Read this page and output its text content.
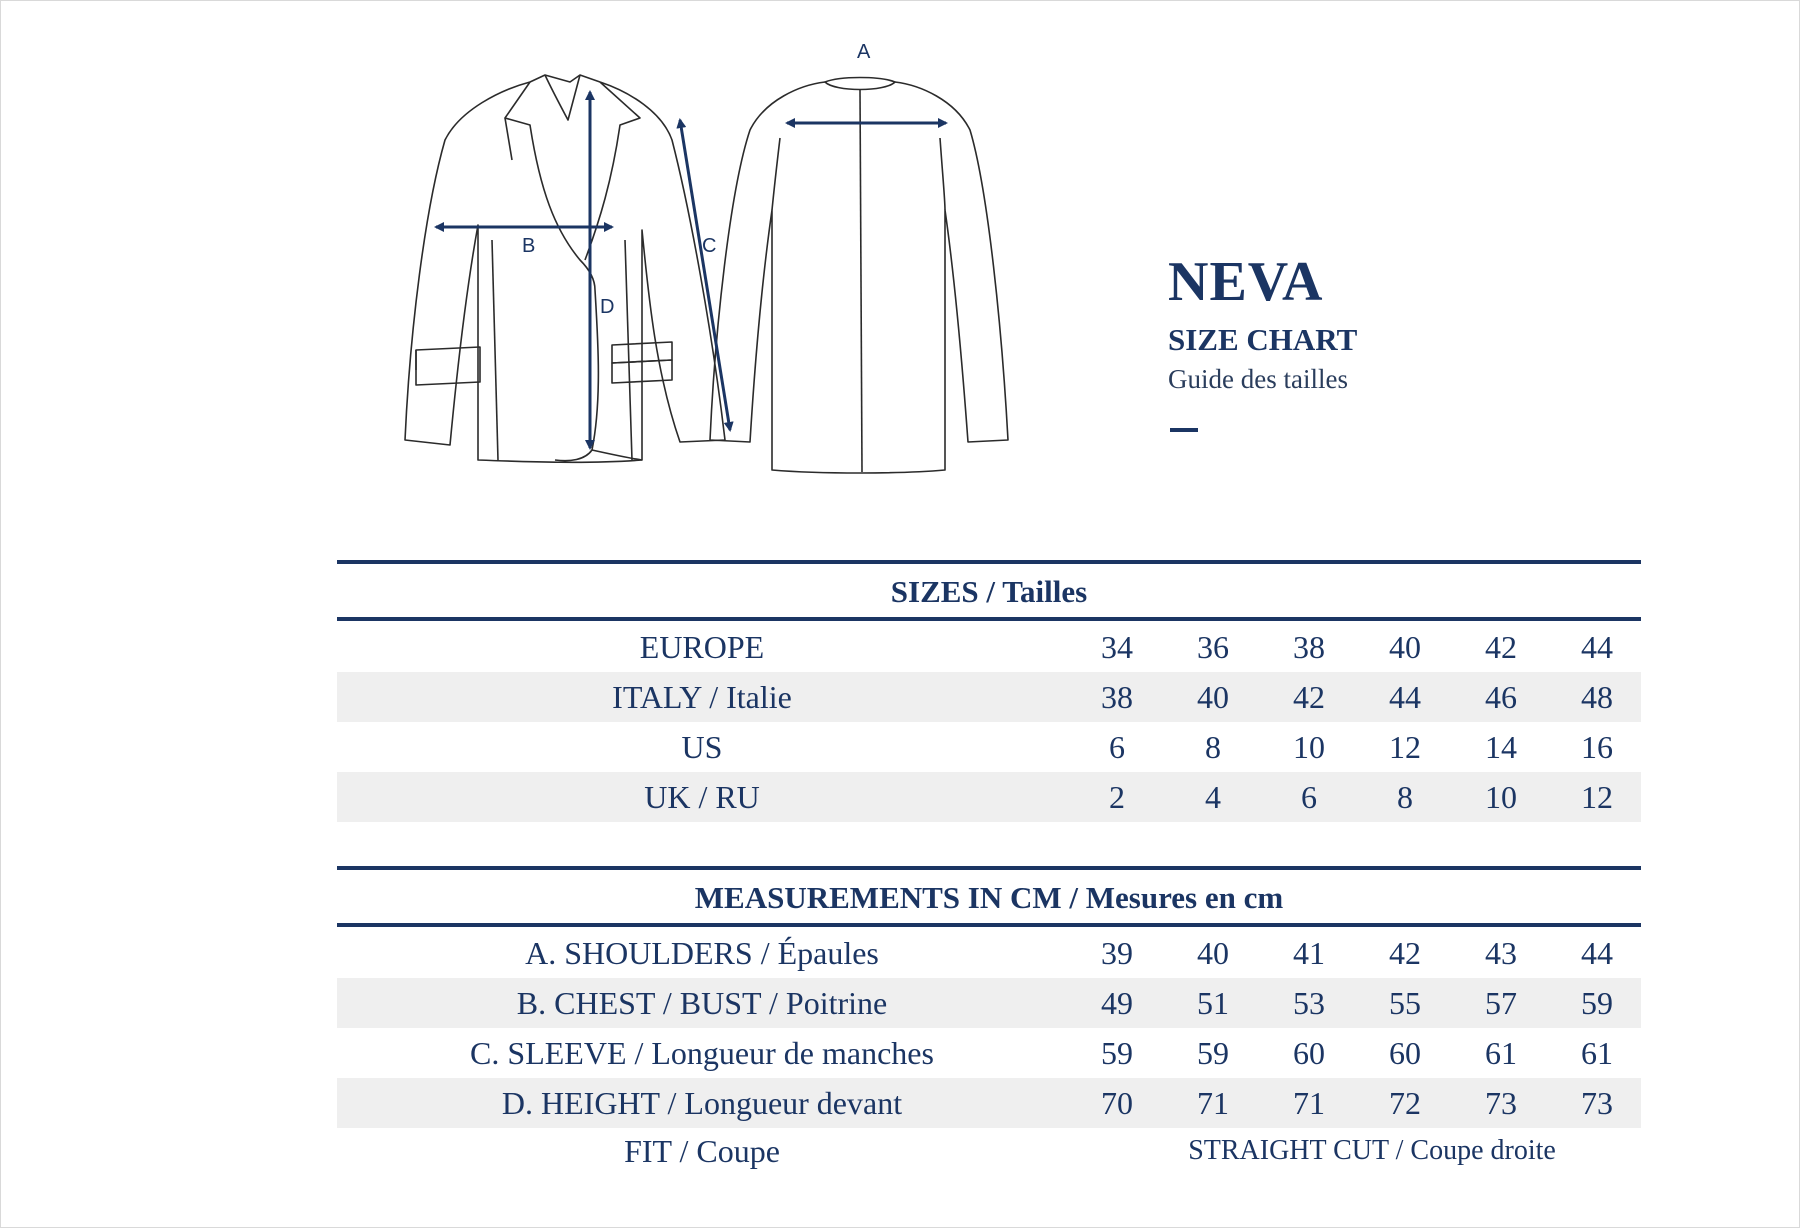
B
D
C
A
NEVA
SIZE CHART
Guide des tailles
SIZES / Tailles
EUROPE	34	36	38	40	42	44
ITALY / Italie	38	40	42	44	46	48
US	6	8	10	12	14	16
UK / RU	2	4	6	8	10	12
MEASUREMENTS IN CM / Mesures en cm
A. SHOULDERS / Épaules	39	40	41	42	43	44
B. CHEST / BUST / Poitrine	49	51	53	55	57	59
C. SLEEVE / Longueur de manches	59	59	60	60	61	61
D. HEIGHT / Longueur devant	70	71	71	72	73	73
FIT / Coupe	STRAIGHT CUT / Coupe droite
